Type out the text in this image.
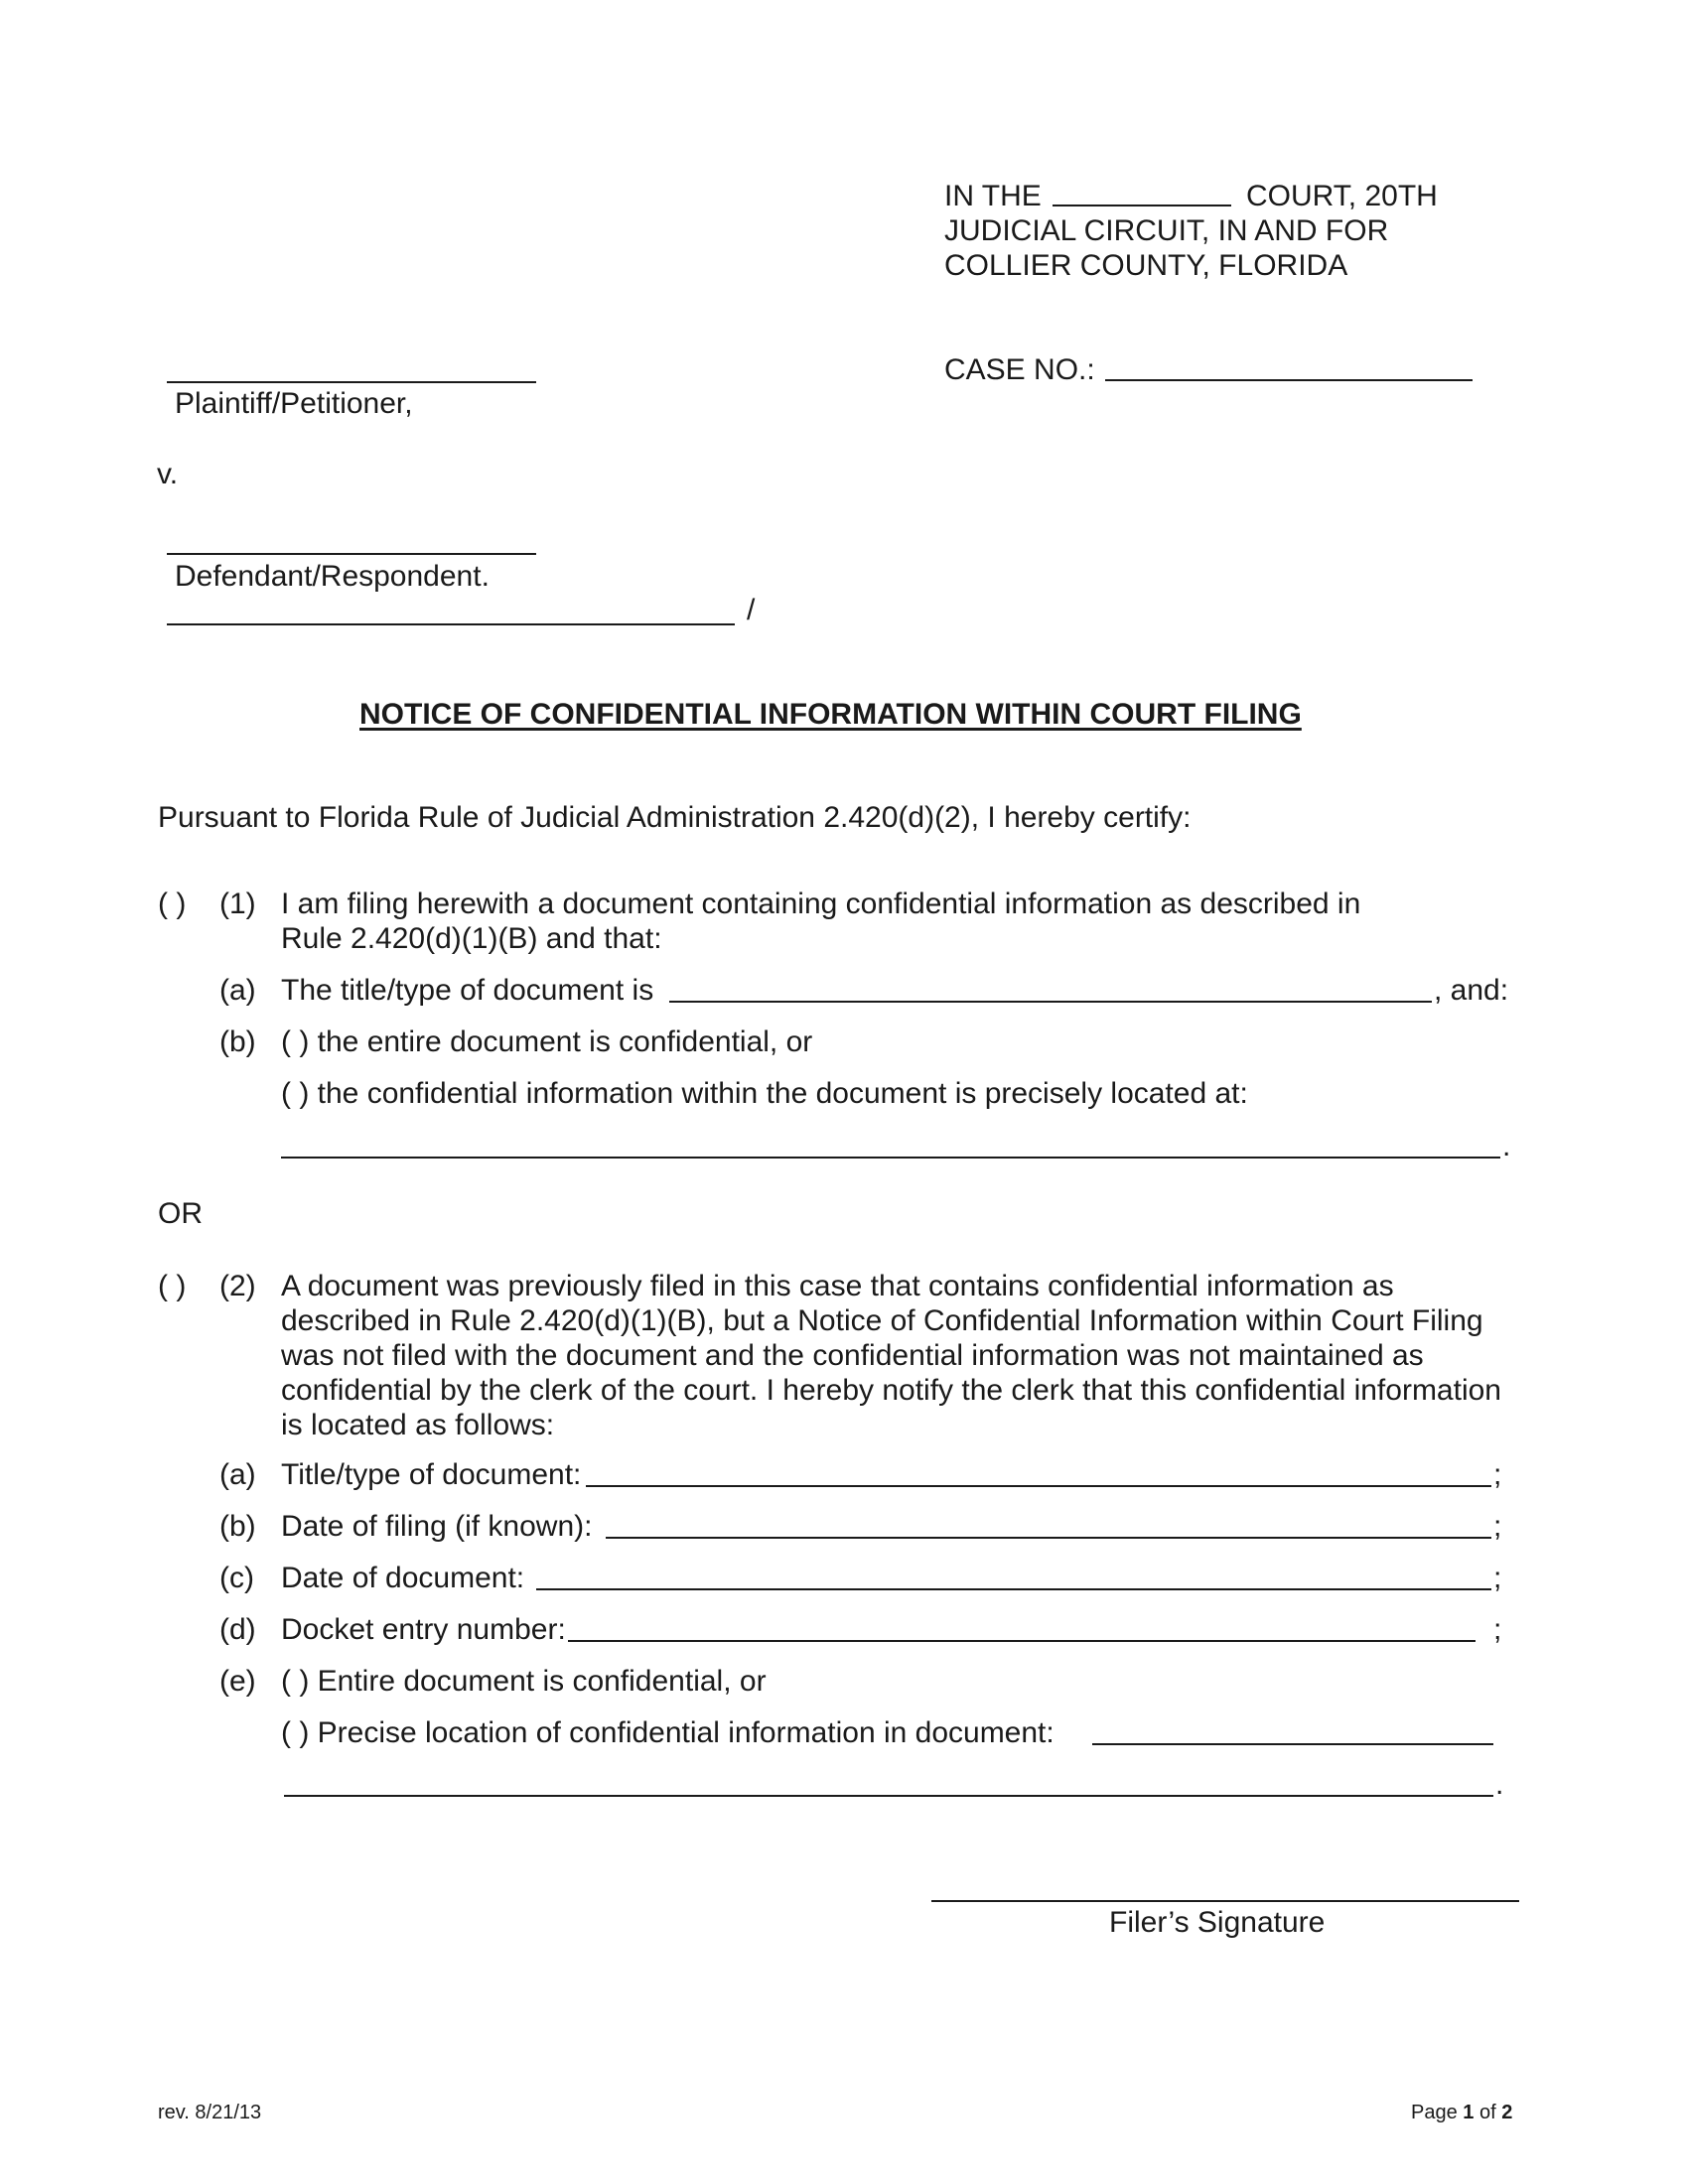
IN THE	COURT, 20TH
JUDICIAL CIRCUIT, IN AND FOR
COLLIER COUNTY, FLORIDA
CASE NO.:
Plaintiff/Petitioner,
v.
Defendant/Respondent.
/
NOTICE OF CONFIDENTIAL INFORMATION WITHIN COURT FILING
Pursuant to Florida Rule of Judicial Administration 2.420(d)(2), I hereby certify:
( ) (1) I am filing herewith a document containing confidential information as described in
Rule 2.420(d)(1)(B) and that:
(a) The title/type of document is	, and:
(b) ( ) the entire document is confidential, or
( ) the confidential information within the document is precisely located at:
.
OR
( ) (2) A document was previously filed in this case that contains confidential information as
described in Rule 2.420(d)(1)(B), but a Notice of Confidential Information within Court Filing
was not filed with the document and the confidential information was not maintained as
confidential by the clerk of the court. I hereby notify the clerk that this confidential information
is located as follows:
(a) Title/type of document:	;
(b) Date of filing (if known):	;
(c) Date of document:	;
(d) Docket entry number:	;
(e) ( ) Entire document is confidential, or
( ) Precise location of confidential information in document:
.
Filer’s Signature
rev. 8/21/13	Page 1 of 2
